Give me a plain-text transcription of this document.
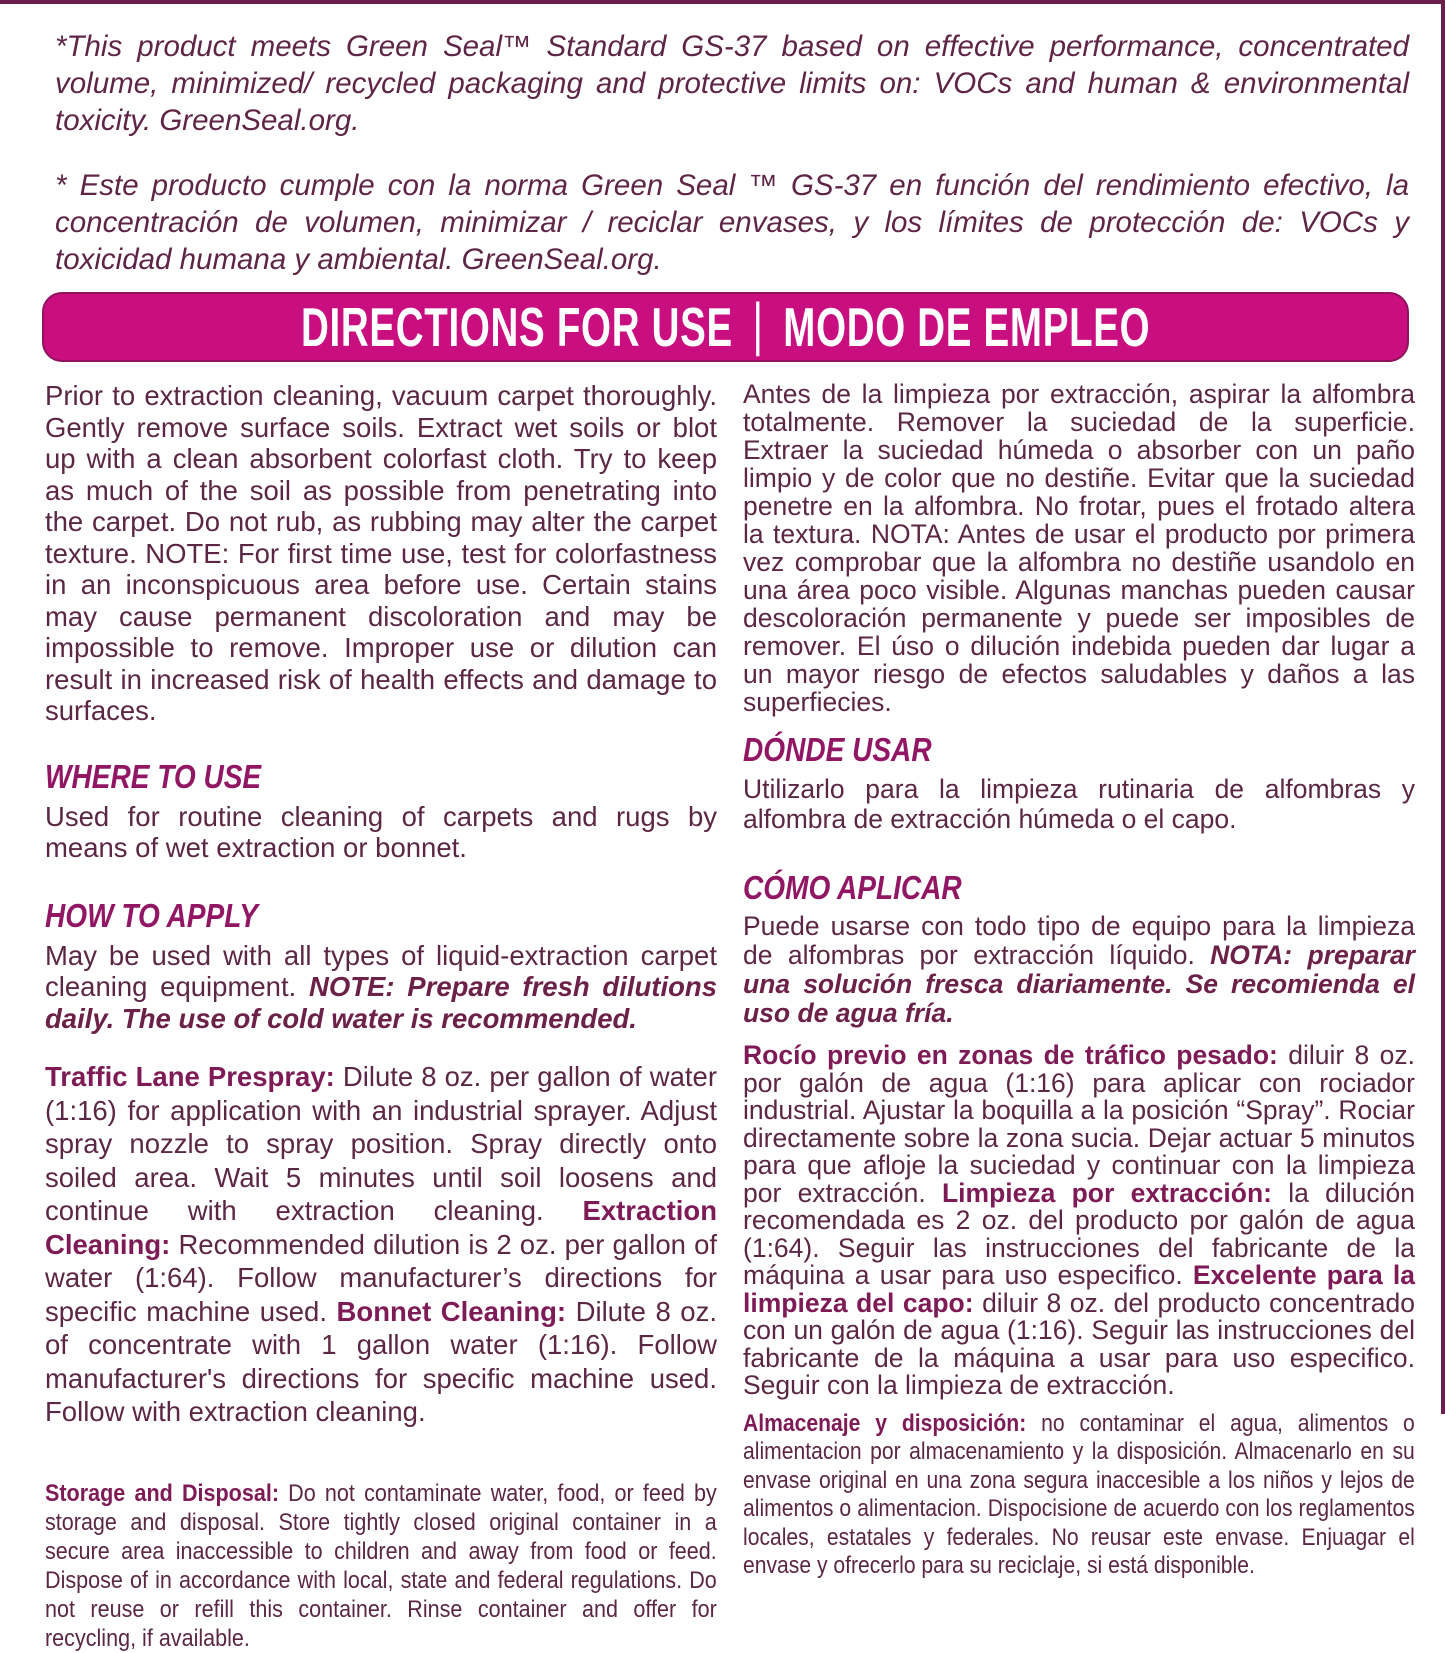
*This product meets Green Seal™ Standard GS-37 based on effective performance, concentrated volume, minimized/ recycled packaging and protective limits on: VOCs and human & environmental toxicity. GreenSeal.org.

* Este producto cumple con la norma Green Seal ™ GS-37 en función del rendimiento efectivo, la concentración de volumen, minimizar / reciclar envases, y los límites de protección de: VOCs y toxicidad humana y ambiental. GreenSeal.org.

DIRECTIONS FOR USE | MODO DE EMPLEO

Prior to extraction cleaning, vacuum carpet thoroughly. Gently remove surface soils. Extract wet soils or blot up with a clean absorbent colorfast cloth. Try to keep as much of the soil as possible from penetrating into the carpet. Do not rub, as rubbing may alter the carpet texture. NOTE: For first time use, test for colorfastness in an inconspicuous area before use. Certain stains may cause permanent discoloration and may be impossible to remove. Improper use or dilution can result in increased risk of health effects and damage to surfaces.

WHERE TO USE

Used for routine cleaning of carpets and rugs by means of wet extraction or bonnet.

HOW TO APPLY

May be used with all types of liquid-extraction carpet cleaning equipment. NOTE: Prepare fresh dilutions daily. The use of cold water is recommended.

Traffic Lane Prespray: Dilute 8 oz. per gallon of water (1:16) for application with an industrial sprayer. Adjust spray nozzle to spray position. Spray directly onto soiled area. Wait 5 minutes until soil loosens and continue with extraction cleaning. Extraction Cleaning: Recommended dilution is 2 oz. per gallon of water (1:64). Follow manufacturer’s directions for specific machine used. Bonnet Cleaning: Dilute 8 oz. of concentrate with 1 gallon water (1:16). Follow manufacturer's directions for specific machine used. Follow with extraction cleaning.

Storage and Disposal: Do not contaminate water, food, or feed by storage and disposal. Store tightly closed original container in a secure area inaccessible to children and away from food or feed. Dispose of in accordance with local, state and federal regulations. Do not reuse or refill this container. Rinse container and offer for recycling, if available.

Antes de la limpieza por extracción, aspirar la alfombra totalmente. Remover la suciedad de la superficie. Extraer la suciedad húmeda o absorber con un paño limpio y de color que no destiñe. Evitar que la suciedad penetre en la alfombra. No frotar, pues el frotado altera la textura. NOTA: Antes de usar el producto por primera vez comprobar que la alfombra no destiñe usandolo en una área poco visible. Algunas manchas pueden causar descoloración permanente y puede ser imposibles de remover. El úso o dilución indebida pueden dar lugar a un mayor riesgo de efectos saludables y daños a las superfiecies.

DÓNDE USAR

Utilizarlo para la limpieza rutinaria de alfombras y alfombra de extracción húmeda o el capo.

CÓMO APLICAR

Puede usarse con todo tipo de equipo para la limpieza de alfombras por extracción líquido. NOTA: preparar una solución fresca diariamente. Se recomienda el uso de agua fría.

Rocío previo en zonas de tráfico pesado: diluir 8 oz. por galón de agua (1:16) para aplicar con rociador industrial. Ajustar la boquilla a la posición “Spray”. Rociar directamente sobre la zona sucia. Dejar actuar 5 minutos para que afloje la suciedad y continuar con la limpieza por extracción. Limpieza por extracción: la dilución recomendada es 2 oz. del producto por galón de agua (1:64). Seguir las instrucciones del fabricante de la máquina a usar para uso especifico. Excelente para la limpieza del capo: diluir 8 oz. del producto concentrado con un galón de agua (1:16). Seguir las instrucciones del fabricante de la máquina a usar para uso especifico. Seguir con la limpieza de extracción.

Almacenaje y disposición: no contaminar el agua, alimentos o alimentacion por almacenamiento y la disposición. Almacenarlo en su envase original en una zona segura inaccesible a los niños y lejos de alimentos o alimentacion. Dispocisione de acuerdo con los reglamentos locales, estatales y federales. No reusar este envase. Enjuagar el envase y ofrecerlo para su reciclaje, si está disponible.
